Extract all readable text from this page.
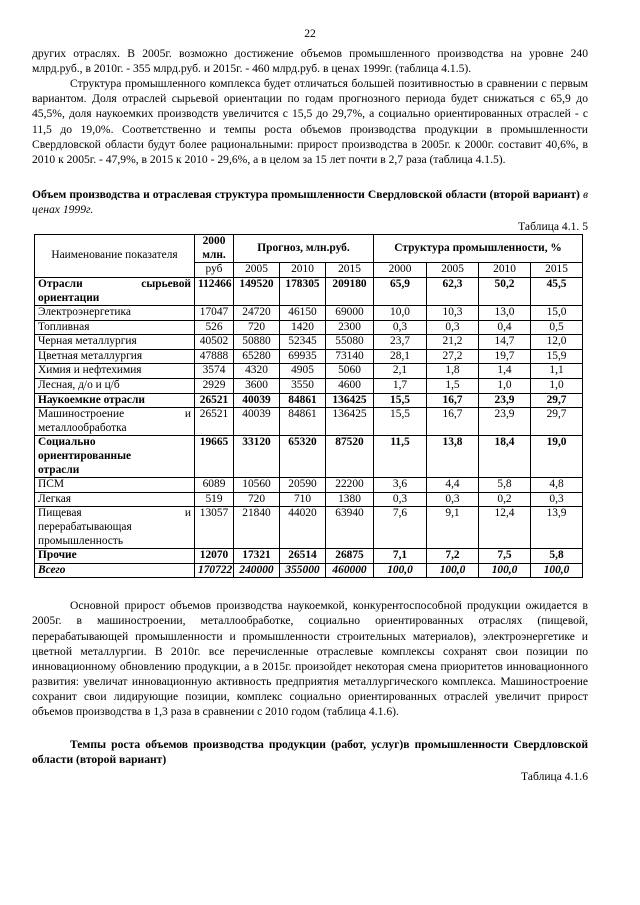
22

других отраслях. В 2005г. возможно достижение объемов промышленного производства на уровне 240 млрд.руб., в 2010г. - 355 млрд.руб. и 2015г. - 460 млрд.руб. в ценах 1999г. (таблица 4.1.5).

Структура промышленного комплекса будет отличаться большей позитивностью в сравнении с первым вариантом. Доля отраслей сырьевой ориентации по годам прогнозного периода будет снижаться с 65,9 до 45,5%, доля наукоемких производств увеличится с 15,5 до 29,7%, а социально ориентированных отраслей - с 11,5 до 19,0%. Соответственно и темпы роста объемов производства продукции в промышленности Свердловской области будут более рациональными: прирост производства в 2005г. к 2000г. составит 40,6%, в 2010 к 2005г. - 47,9%, в 2015 к 2010 - 29,6%, а в целом за 15 лет почти в 2,7 раза (таблица 4.1.5).

Объем производства и отраслевая структура промышленности Свердловской области (второй вариант) в ценах 1999г.
Таблица 4.1. 5
Наименование показателя	2000 млн.	Прогноз, млн.руб.			Структура промышленности, %			
	руб	2005	2010	2015	2000	2005	2010	2015

Отрасли сырьевой
ориентации	112466	149520	178305	209180	65,9	62,3	50,2	45,5

Электроэнергетика	17047	24720	46150	69000	10,0	10,3	13,0	15,0

Топливная	526	720	1420	2300	0,3	0,3	0,4	0,5

Черная металлургия	40502	50880	52345	55080	23,7	21,2	14,7	12,0

Цветная металлургия	47888	65280	69935	73140	28,1	27,2	19,7	15,9

Химия и нефтехимия	3574	4320	4905	5060	2,1	1,8	1,4	1,1

Лесная, д/о и ц/б	2929	3600	3550	4600	1,7	1,5	1,0	1,0

Наукоемкие отрасли	26521	40039	84861	136425	15,5	16,7	23,9	29,7

Машиностроение и
металлообработка	26521	40039	84861	136425	15,5	16,7	23,9	29,7

Социально
ориентированные
отрасли	19665	33120	65320	87520	11,5	13,8	18,4	19,0

ПСМ	6089	10560	20590	22200	3,6	4,4	5,8	4,8

Легкая	519	720	710	1380	0,3	0,3	0,2	0,3

Пищевая и
перерабатывающая
промышленность	13057	21840	44020	63940	7,6	9,1	12,4	13,9

Прочие	12070	17321	26514	26875	7,1	7,2	7,5	5,8

Всего	170722	240000	355000	460000	100,0	100,0	100,0	100,0

Основной прирост объемов производства наукоемкой, конкурентоспособной продукции ожидается в 2005г. в машиностроении, металлообработке, социально ориентированных отраслях (пищевой, перерабатывающей промышленности и промышленности строительных материалов), электроэнергетике и цветной металлургии. В 2010г. все перечисленные отраслевые комплексы сохранят свои позиции по инновационному обновлению продукции, а в 2015г. произойдет некоторая смена приоритетов инновационного развития: увеличат инновационную активность предприятия металлургического комплекса. Машиностроение сохранит свои лидирующие позиции, комплекс социально ориентированных отраслей увеличит прирост объемов производства в 1,3 раза в сравнении с 2010 годом (таблица 4.1.6).

Темпы роста объемов производства продукции (работ, услуг)в промышленности Свердловской области (второй вариант)
Таблица 4.1.6
